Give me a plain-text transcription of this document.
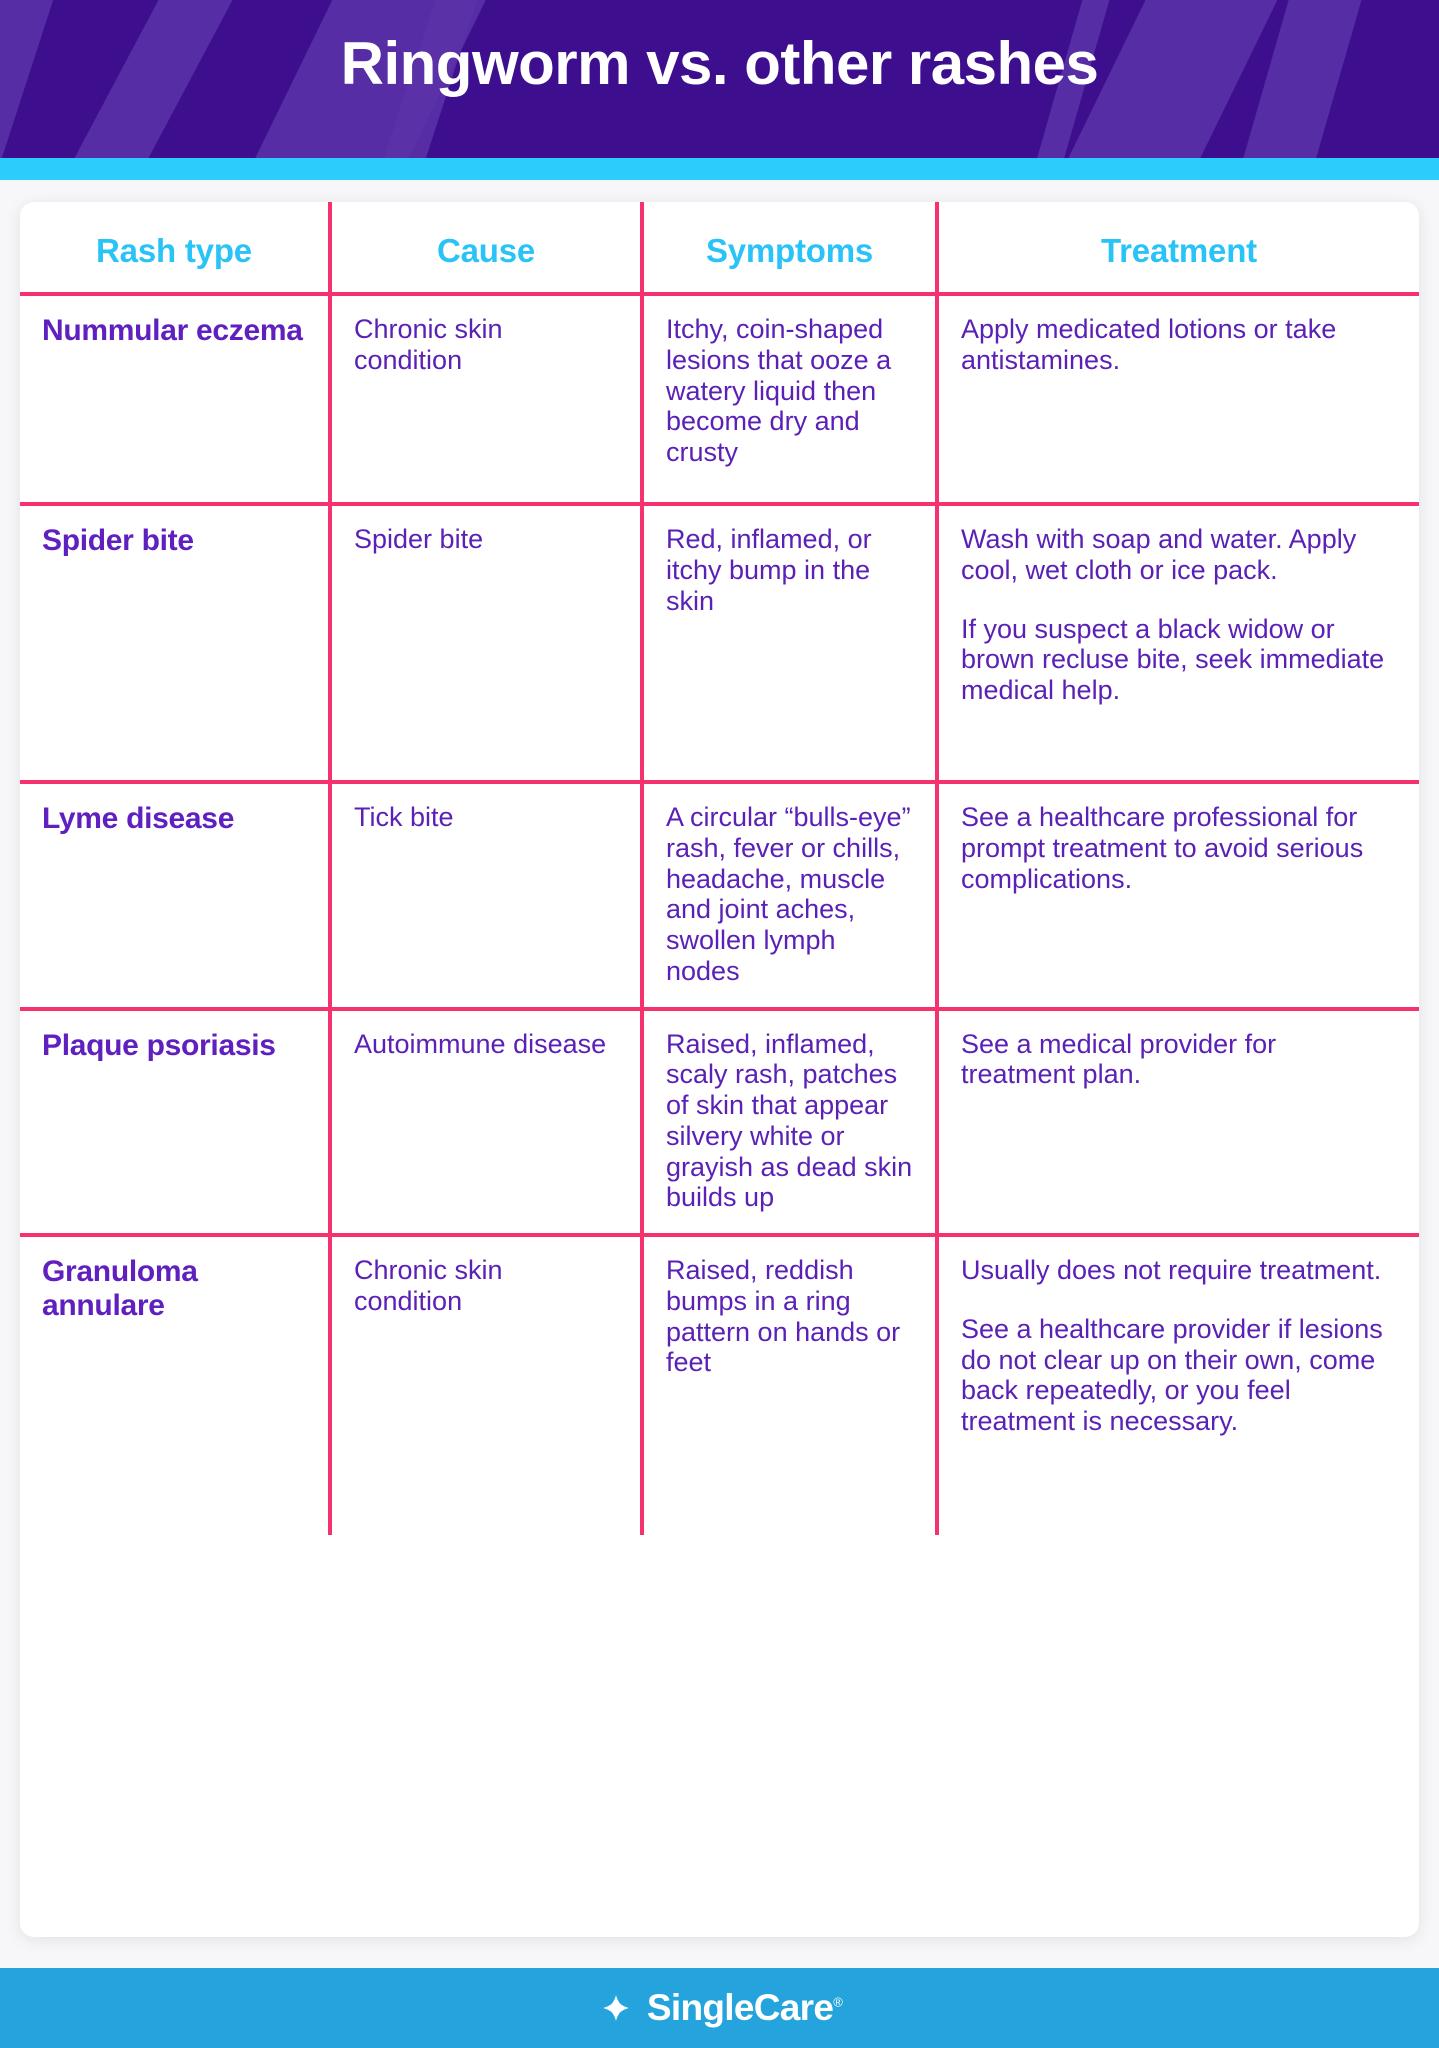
Ringworm vs. other rashes
Rash type	Cause	Symptoms	Treatment
Nummular eczema	Chronic skin condition	Itchy, coin-shaped lesions that ooze a watery liquid then become dry and crusty	Apply medicated lotions or take antistamines.

Spider bite	Spider bite	Red, inflamed, or itchy bump in the skin	Wash with soap and water. Apply cool, wet cloth or ice pack.

If you suspect a black widow or brown recluse bite, seek immediate medical help.

Lyme disease	Tick bite	A circular “bulls-eye” rash, fever or chills, headache, muscle and joint aches, swollen lymph nodes	See a healthcare professional for prompt treatment to avoid serious complications.

Plaque psoriasis	Autoimmune disease	Raised, inflamed, scaly rash, patches of skin that appear silvery white or grayish as dead skin builds up	See a medical provider for treatment plan.

Granuloma annulare	Chronic skin condition	Raised, reddish bumps in a ring pattern on hands or feet	Usually does not require treatment.

See a healthcare provider if lesions do not clear up on their own, come back repeatedly, or you feel treatment is necessary.

SingleCare®
